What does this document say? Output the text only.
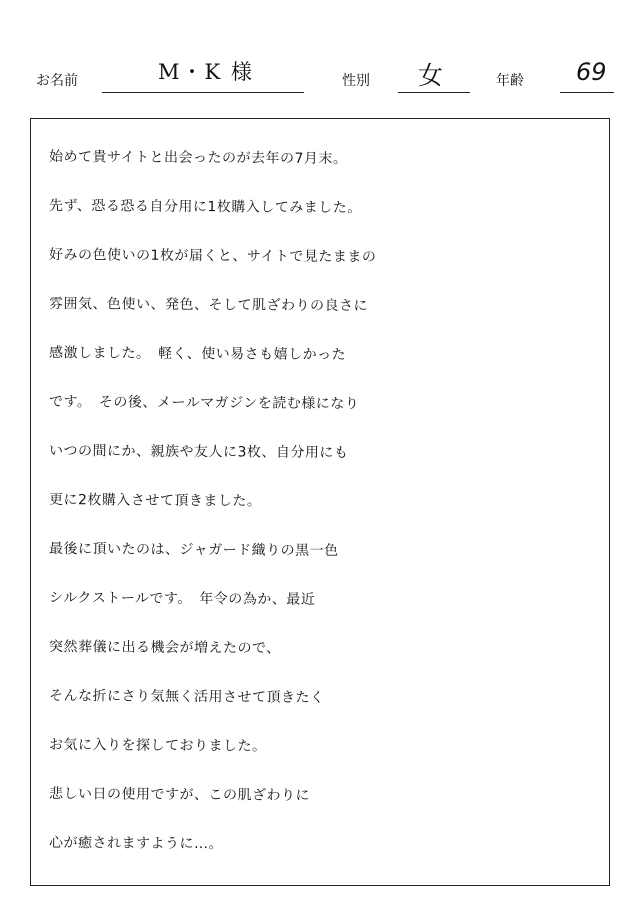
お名前	M・K 様	性別 女	年齢 69
始めて貴サイトと出会ったのが去年の7月末。
先ず、恐る恐る自分用に1枚購入してみました。
好みの色使いの1枚が届くと、サイトで見たままの
雰囲気、色使い、発色、そして肌ざわりの良さに
感激しました。　軽く、使い易さも嬉しかった
です。　その後、メールマガジンを読む様になり
いつの間にか、親族や友人に3枚、自分用にも
更に2枚購入させて頂きました。
最後に頂いたのは、ジャガード織りの黒一色
シルクストールです。　年令の為か、最近
突然葬儀に出る機会が増えたので、
そんな折にさり気無く活用させて頂きたく
お気に入りを探しておりました。
悲しい日の使用ですが、この肌ざわりに
心が癒されますように…。
